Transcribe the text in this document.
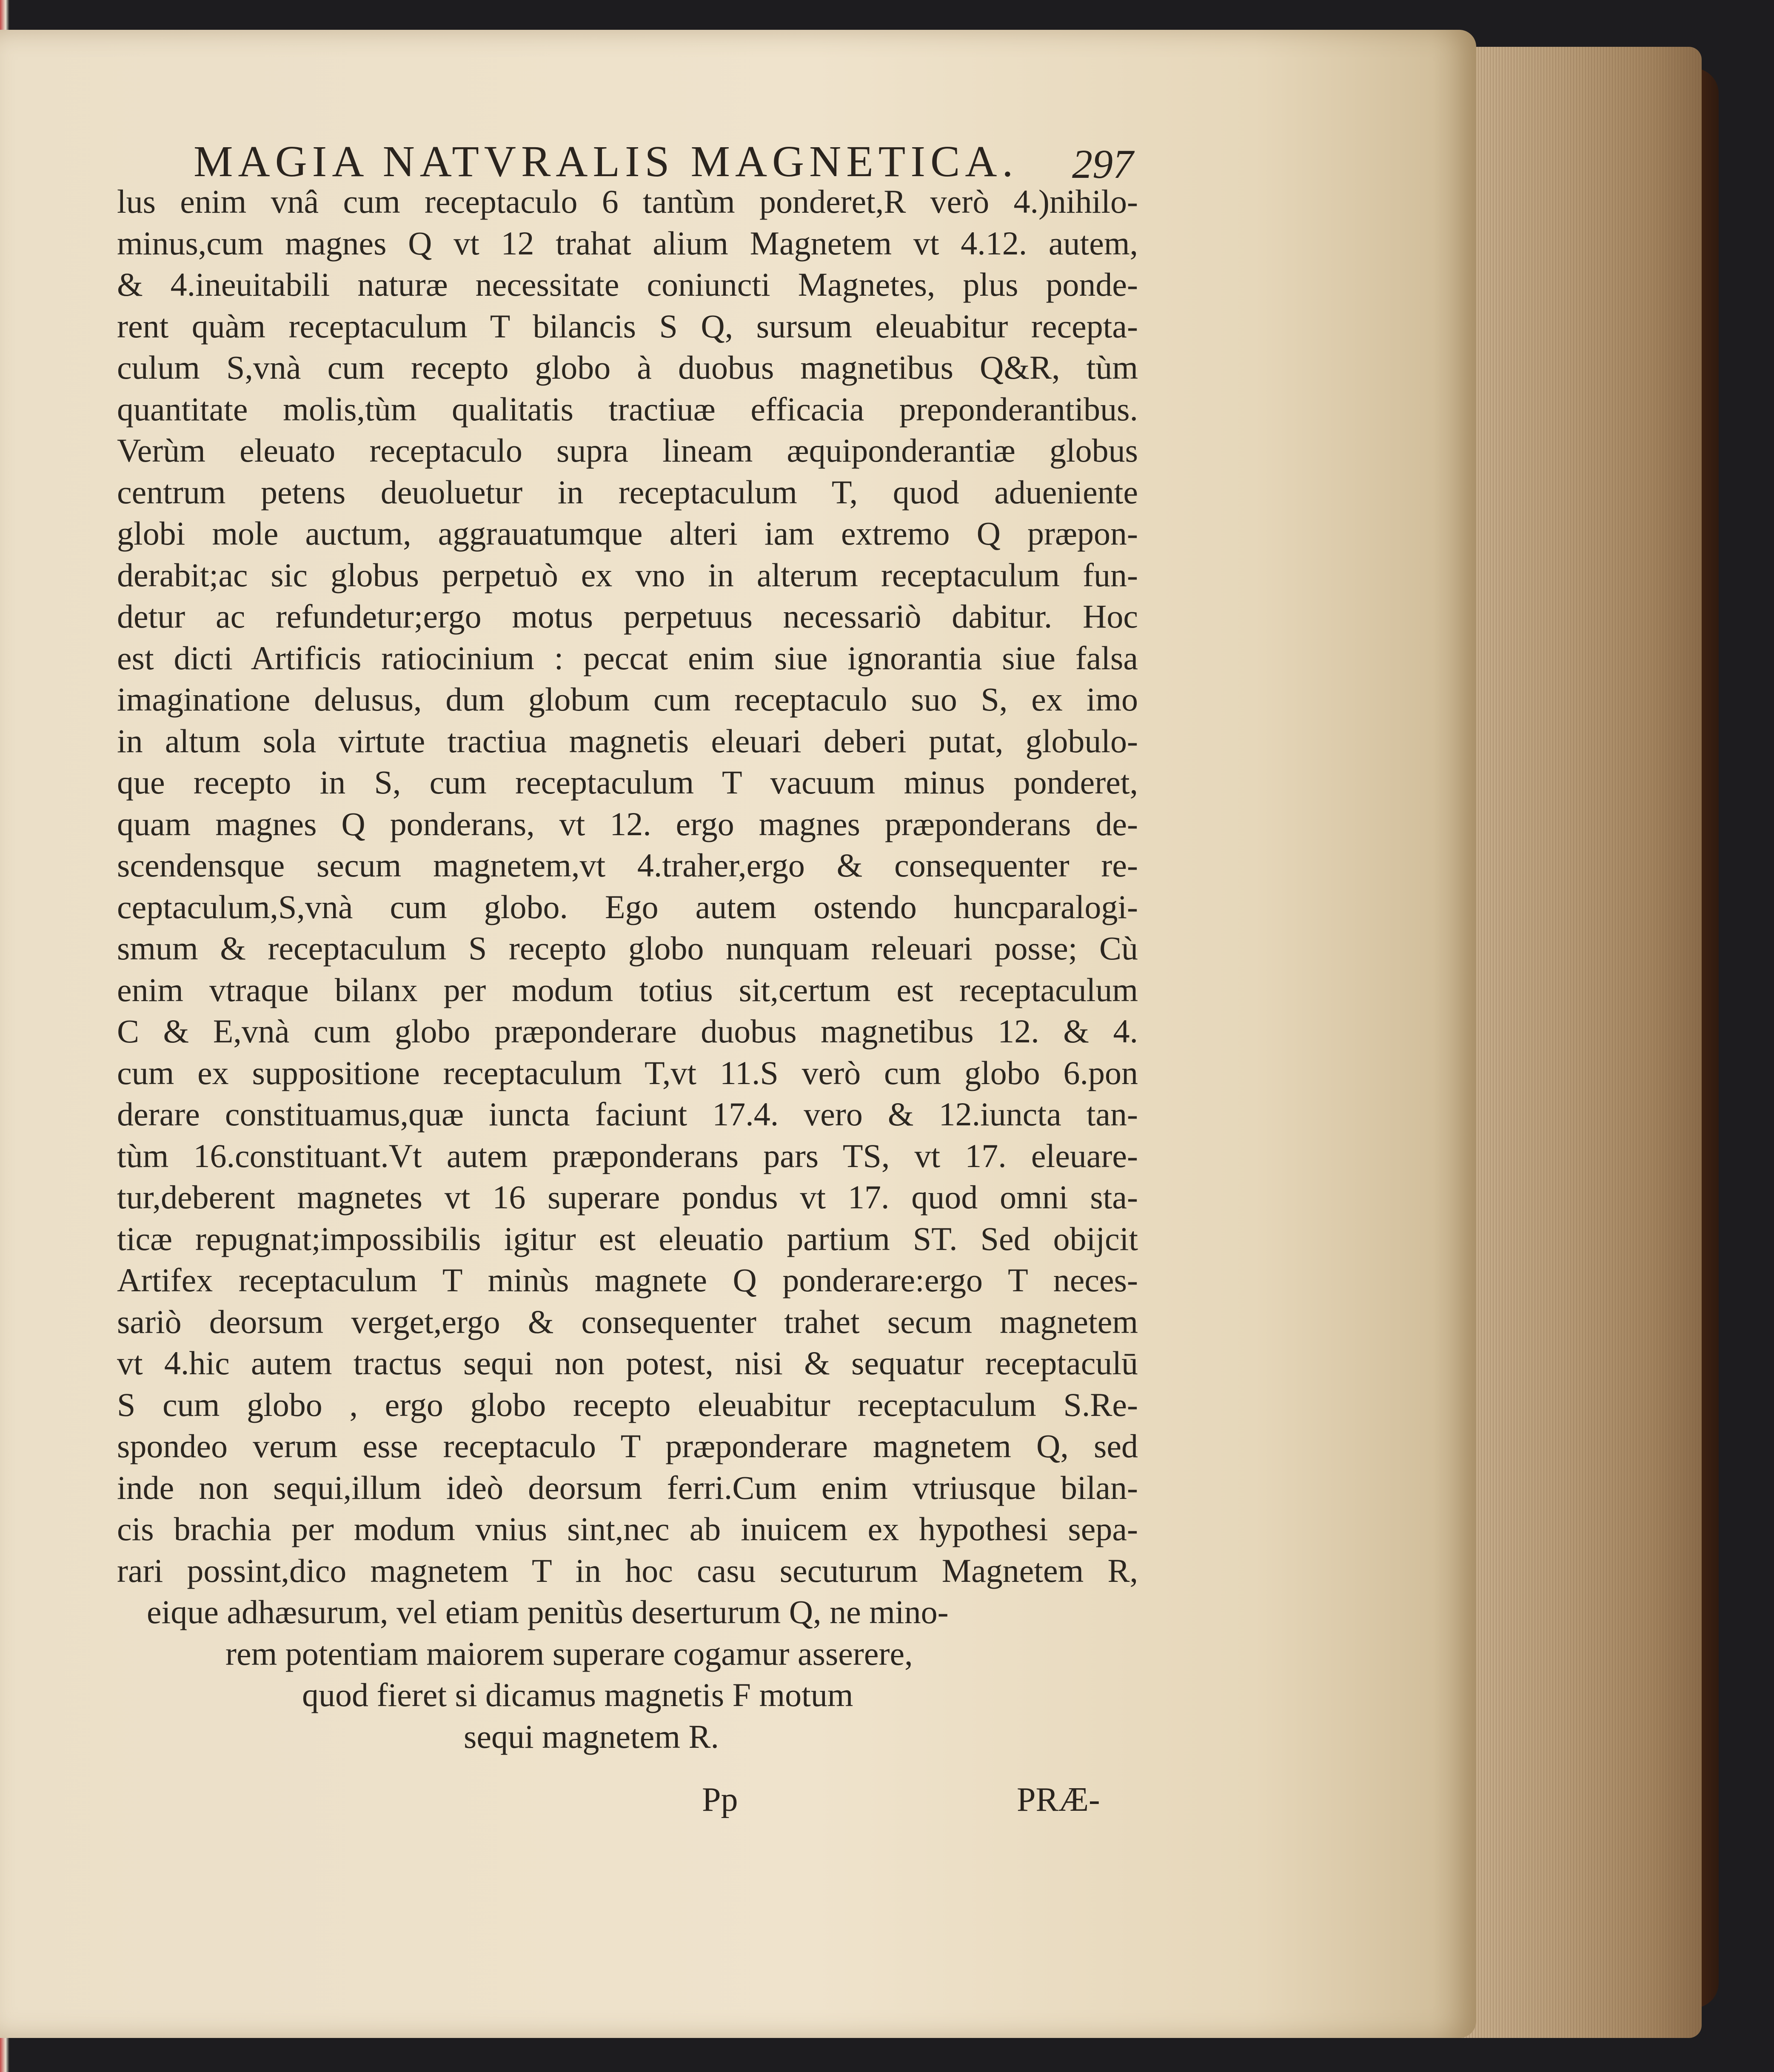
MAGIA NATVRALIS MAGNETICA. 297
lus enim vnâ cum receptaculo 6 tantùm ponderet,R verò 4.)nihilo-
minus,cum magnes Q vt 12 trahat alium Magnetem vt 4.12. autem,
& 4.ineuitabili naturæ necessitate coniuncti Magnetes, plus ponde-
rent quàm receptaculum T bilancis S Q, sursum eleuabitur recepta-
culum S,vnà cum recepto globo à duobus magnetibus Q&R, tùm
quantitate molis,tùm qualitatis tractiuæ efficacia preponderantibus.
Verùm eleuato receptaculo supra lineam æquiponderantiæ globus
centrum petens deuoluetur in receptaculum T, quod adueniente
globi mole auctum, aggrauatumque alteri iam extremo Q præpon-
derabit;ac sic globus perpetuò ex vno in alterum receptaculum fun-
detur ac refundetur;ergo motus perpetuus necessariò dabitur. Hoc
est dicti Artificis ratiocinium : peccat enim siue ignorantia siue falsa
imaginatione delusus, dum globum cum receptaculo suo S, ex imo
in altum sola virtute tractiua magnetis eleuari deberi putat, globulo-
que recepto in S, cum receptaculum T vacuum minus ponderet,
quam magnes Q ponderans, vt 12. ergo magnes præponderans de-
scendensque secum magnetem,vt 4.traher,ergo & consequenter re-
ceptaculum,S,vnà cum globo. Ego autem ostendo huncparalogi-
smum & receptaculum S recepto globo nunquam releuari posse; Cù
enim vtraque bilanx per modum totius sit,certum est receptaculum
C & E,vnà cum globo præponderare duobus magnetibus 12. & 4.
cum ex suppositione receptaculum T,vt 11.S verò cum globo 6.pon
derare constituamus,quæ iuncta faciunt 17.4. vero & 12.iuncta tan-
tùm 16.constituant.Vt autem præponderans pars TS, vt 17. eleuare-
tur,deberent magnetes vt 16 superare pondus vt 17. quod omni sta-
ticæ repugnat;impossibilis igitur est eleuatio partium ST. Sed obijcit
Artifex receptaculum T minùs magnete Q ponderare:ergo T neces-
sariò deorsum verget,ergo & consequenter trahet secum magnetem
vt 4.hic autem tractus sequi non potest, nisi & sequatur receptaculū
S cum globo , ergo globo recepto eleuabitur receptaculum S.Re-
spondeo verum esse receptaculo T præponderare magnetem Q, sed
inde non sequi,illum ideò deorsum ferri.Cum enim vtriusque bilan-
cis brachia per modum vnius sint,nec ab inuicem ex hypothesi sepa-
rari possint,dico magnetem T in hoc casu secuturum Magnetem R,
eique adhæsurum, vel etiam penitùs deserturum Q, ne mino-
rem potentiam maiorem superare cogamur asserere,
quod fieret si dicamus magnetis F motum
sequi magnetem R.
Pp	PRÆ-
